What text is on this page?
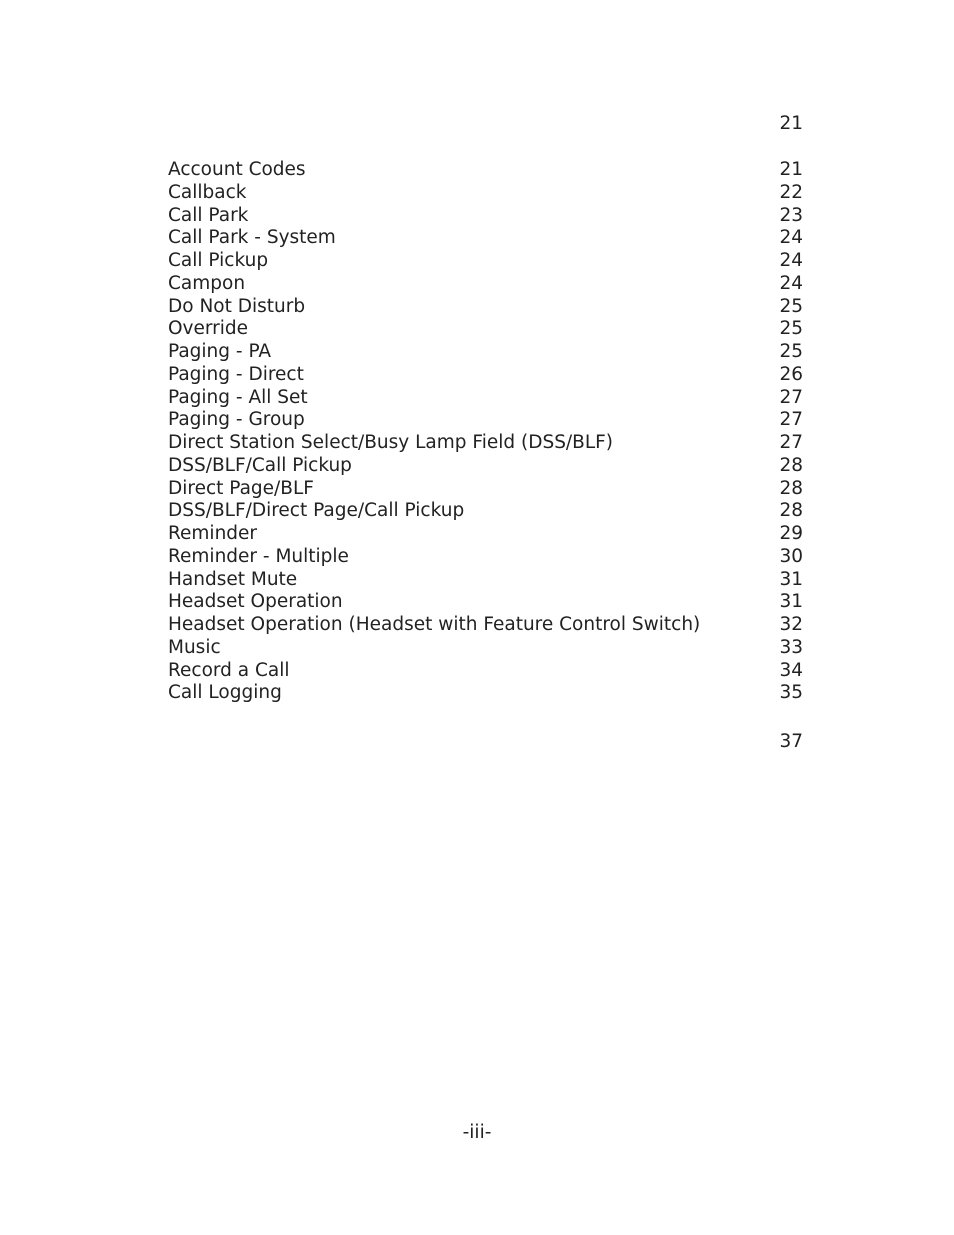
21
Account Codes	21
Callback	22
Call Park	23
Call Park - System	24
Call Pickup	24
Campon	24
Do Not Disturb	25
Override	25
Paging - PA	25
Paging - Direct	26
Paging - All Set	27
Paging - Group	27
Direct Station Select/Busy Lamp Field (DSS/BLF)	27
DSS/BLF/Call Pickup	28
Direct Page/BLF	28
DSS/BLF/Direct Page/Call Pickup	28
Reminder	29
Reminder - Multiple	30
Handset Mute	31
Headset Operation	31
Headset Operation (Headset with Feature Control Switch)	32
Music	33
Record a Call	34
Call Logging	35
37
-iii-
